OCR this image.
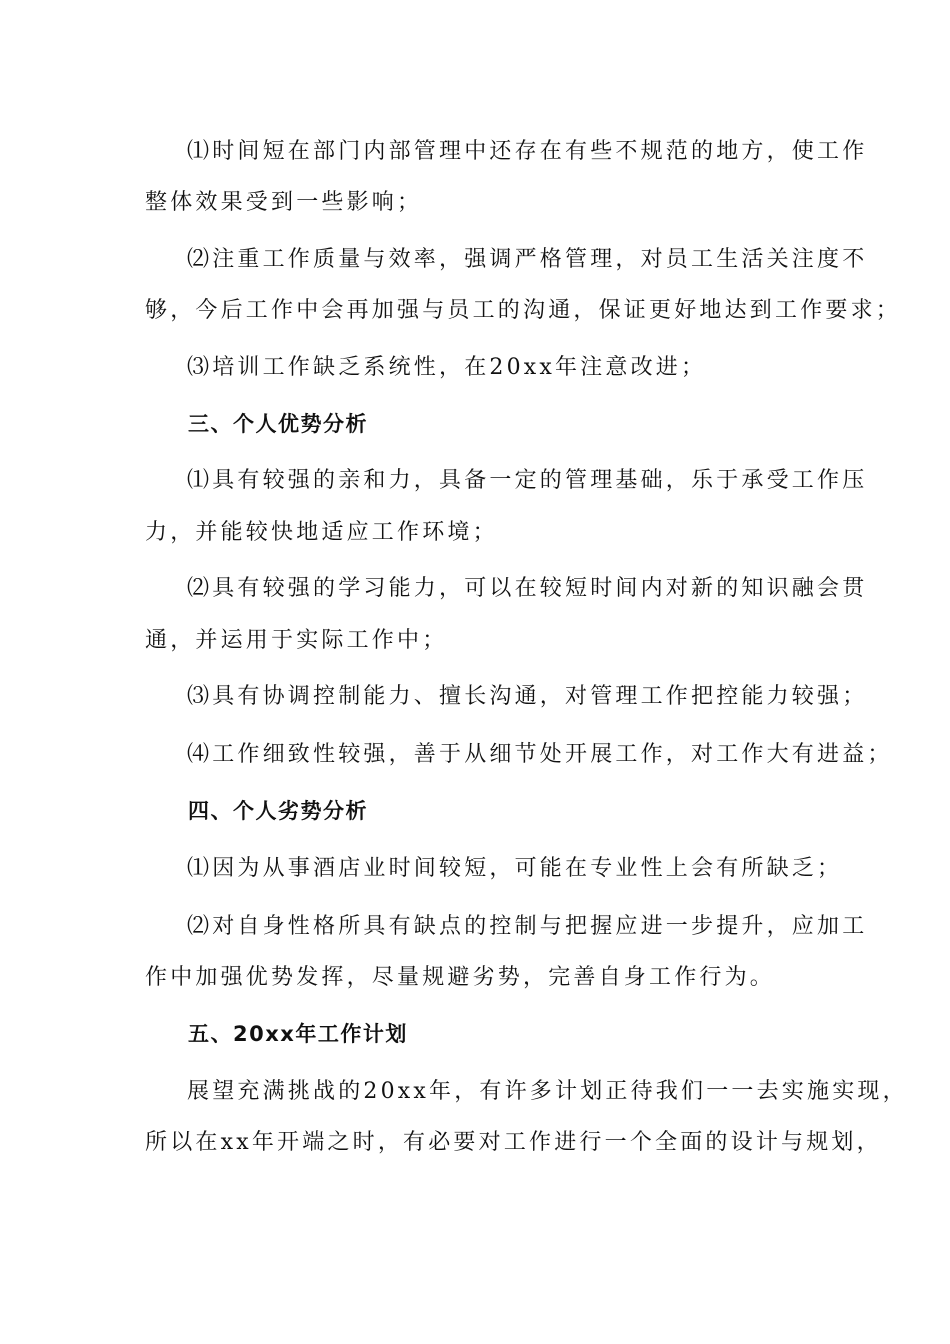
⑴时间短在部门内部管理中还存在有些不规范的地方，使工作
整体效果受到一些影响；
⑵注重工作质量与效率，强调严格管理，对员工生活关注度不
够，今后工作中会再加强与员工的沟通，保证更好地达到工作要求；
⑶培训工作缺乏系统性，在20xx年注意改进；
三、个人优势分析
⑴具有较强的亲和力，具备一定的管理基础，乐于承受工作压
力，并能较快地适应工作环境；
⑵具有较强的学习能力，可以在较短时间内对新的知识融会贯
通，并运用于实际工作中；
⑶具有协调控制能力、擅长沟通，对管理工作把控能力较强；
⑷工作细致性较强，善于从细节处开展工作，对工作大有进益；
四、个人劣势分析
⑴因为从事酒店业时间较短，可能在专业性上会有所缺乏；
⑵对自身性格所具有缺点的控制与把握应进一步提升，应加工
作中加强优势发挥，尽量规避劣势，完善自身工作行为。
五、20xx年工作计划
展望充满挑战的20xx年，有许多计划正待我们一一去实施实现，
所以在xx年开端之时，有必要对工作进行一个全面的设计与规划，
